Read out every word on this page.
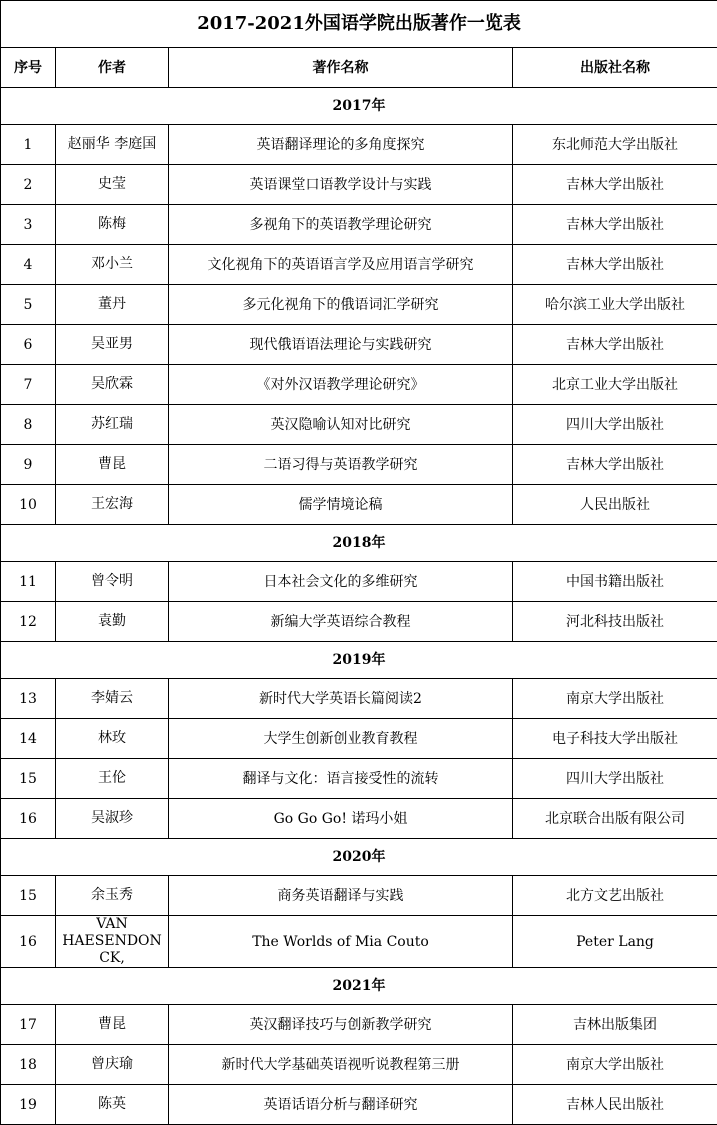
2017-2021外国语学院出版著作一览表			
序号	作者	著作名称	出版社名称
2017年			
1	赵丽华 李庭国	英语翻译理论的多角度探究	东北师范大学出版社
2	史莹	英语课堂口语教学设计与实践	吉林大学出版社
3	陈梅	多视角下的英语教学理论研究	吉林大学出版社
4	邓小兰	文化视角下的英语语言学及应用语言学研究	吉林大学出版社
5	董丹	多元化视角下的俄语词汇学研究	哈尔滨工业大学出版社
6	吴亚男	现代俄语语法理论与实践研究	吉林大学出版社
7	吴欣霖	《对外汉语教学理论研究》	北京工业大学出版社
8	苏红瑞	英汉隐喻认知对比研究	四川大学出版社
9	曹昆	二语习得与英语教学研究	吉林大学出版社
10	王宏海	儒学情境论稿	人民出版社
2018年			
11	曾令明	日本社会文化的多维研究	中国书籍出版社
12	袁勤	新编大学英语综合教程	河北科技出版社
2019年			
13	李婧云	新时代大学英语长篇阅读2	南京大学出版社
14	林玫	大学生创新创业教育教程	电子科技大学出版社
15	王伦	翻译与文化：语言接受性的流转	四川大学出版社
16	吴淑珍	Go Go Go! 诺玛小姐	北京联合出版有限公司
2020年			
15	余玉秀	商务英语翻译与实践	北方文艺出版社
16	VAN HAESENDONCK,	The Worlds of Mia Couto	Peter Lang
2021年			
17	曹昆	英汉翻译技巧与创新教学研究	吉林出版集团
18	曾庆瑜	新时代大学基础英语视听说教程第三册	南京大学出版社
19	陈英	英语话语分析与翻译研究	吉林人民出版社
